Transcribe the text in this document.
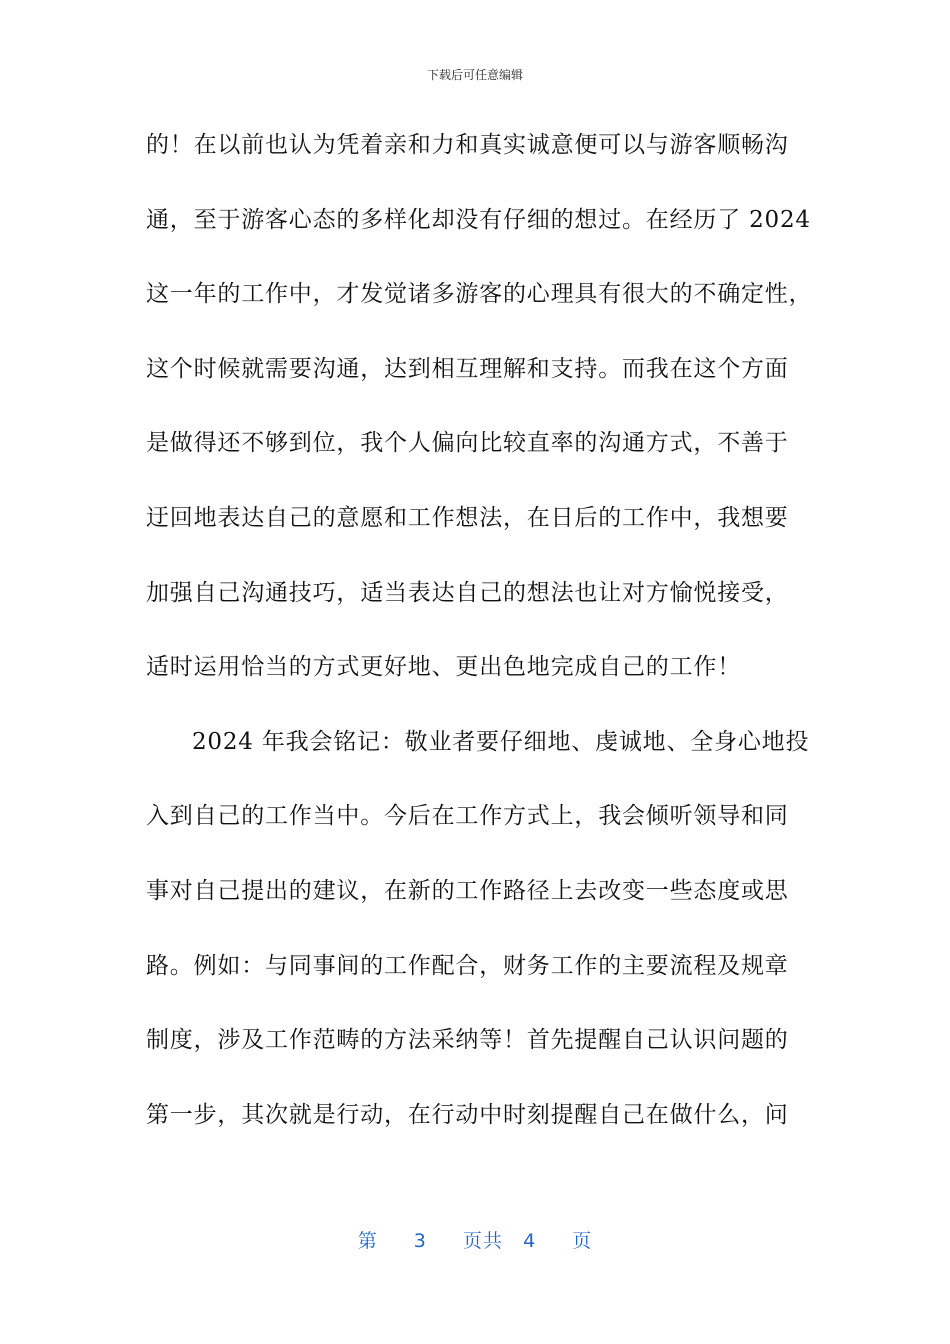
下载后可任意编辑
的！在以前也认为凭着亲和力和真实诚意便可以与游客顺畅沟
通，至于游客心态的多样化却没有仔细的想过。在经历了 2024
这一年的工作中，才发觉诸多游客的心理具有很大的不确定性，
这个时候就需要沟通，达到相互理解和支持。而我在这个方面
是做得还不够到位，我个人偏向比较直率的沟通方式，不善于
迂回地表达自己的意愿和工作想法，在日后的工作中，我想要
加强自己沟通技巧，适当表达自己的想法也让对方愉悦接受，
适时运用恰当的方式更好地、更出色地完成自己的工作！
2024 年我会铭记：敬业者要仔细地、虔诚地、全身心地投
入到自己的工作当中。今后在工作方式上，我会倾听领导和同
事对自己提出的建议，在新的工作路径上去改变一些态度或思
路。例如：与同事间的工作配合，财务工作的主要流程及规章
制度，涉及工作范畴的方法采纳等！首先提醒自己认识问题的
第一步，其次就是行动，在行动中时刻提醒自己在做什么，问
第 3 页共 4 页
